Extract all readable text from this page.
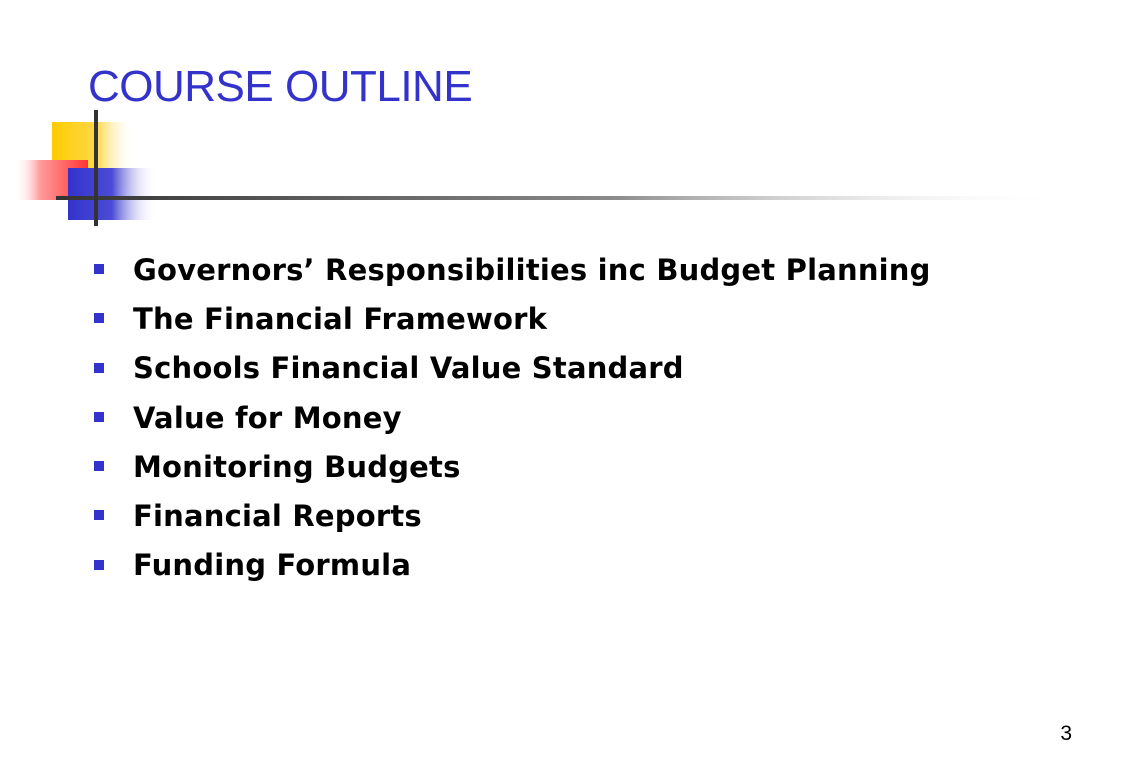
COURSE OUTLINE
Governors’ Responsibilities inc Budget Planning
The Financial Framework
Schools Financial Value Standard
Value for Money
Monitoring Budgets
Financial Reports
Funding Formula
3
